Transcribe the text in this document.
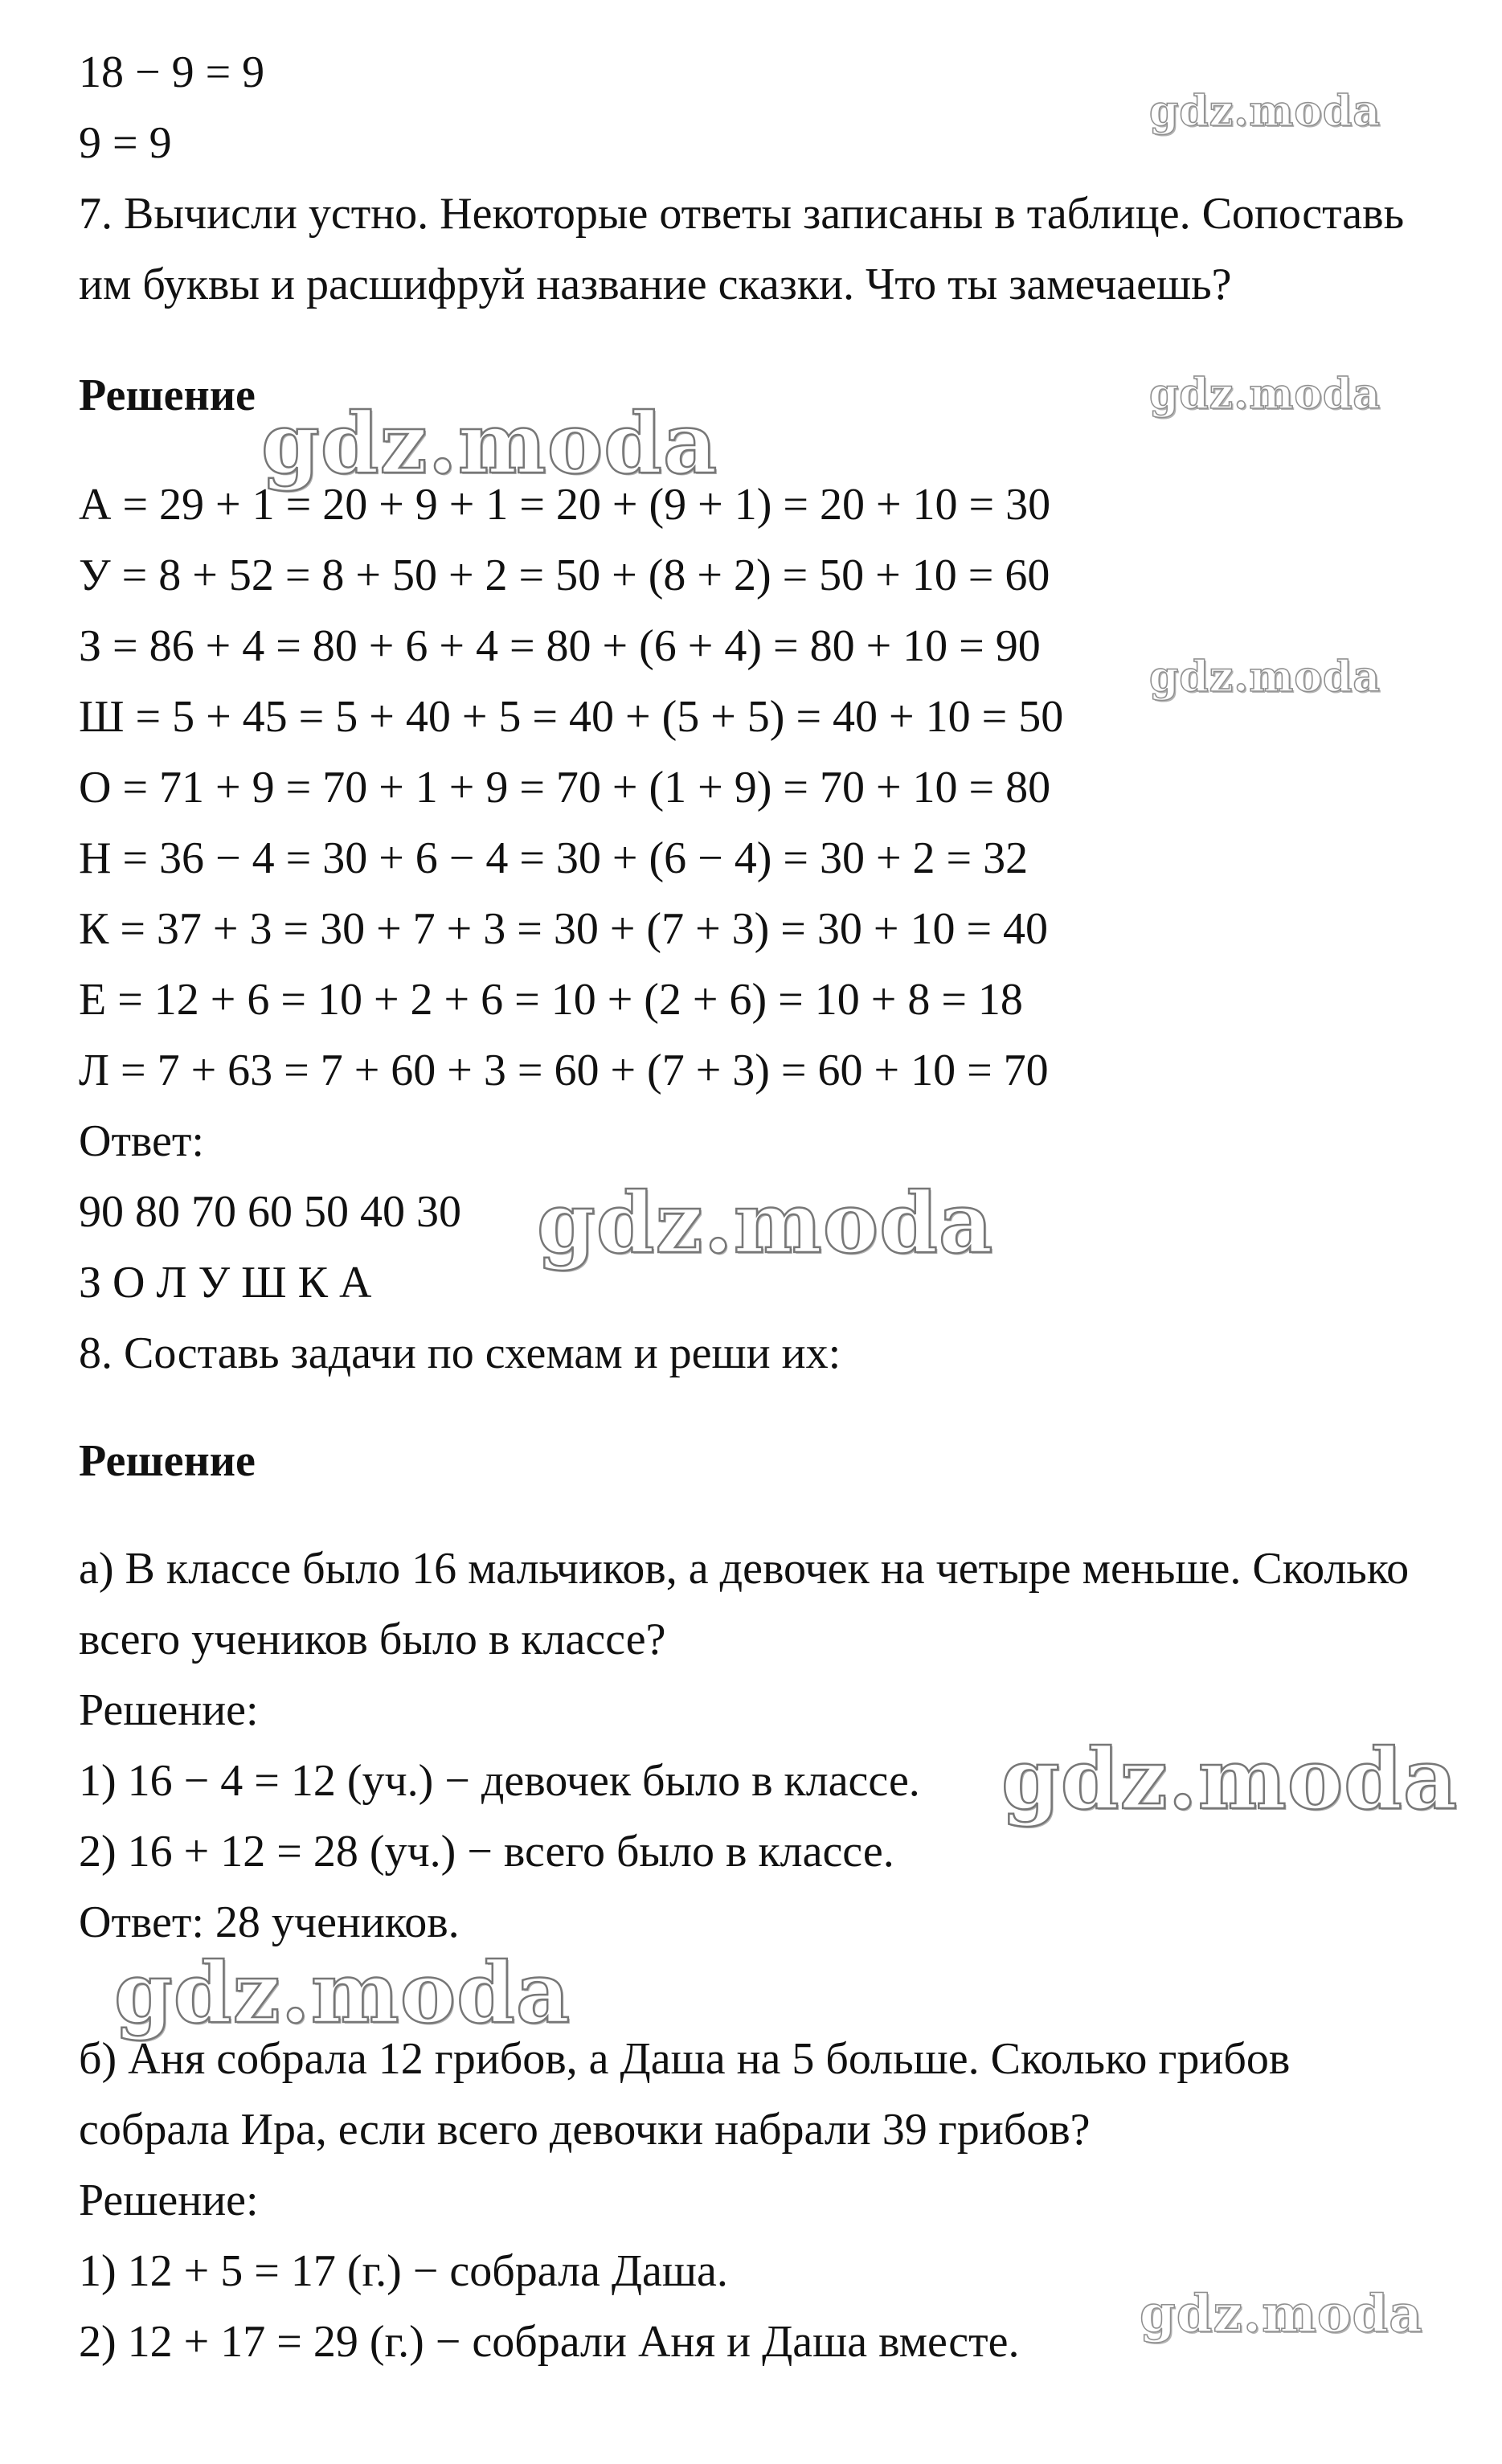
18 − 9 = 9
9 = 9
7. Вычисли устно. Некоторые ответы записаны в таблице. Сопоставь
им буквы и расшифруй название сказки. Что ты замечаешь?
Решение
А = 29 + 1 = 20 + 9 + 1 = 20 + (9 + 1) = 20 + 10 = 30
У = 8 + 52 = 8 + 50 + 2 = 50 + (8 + 2) = 50 + 10 = 60
З = 86 + 4 = 80 + 6 + 4 = 80 + (6 + 4) = 80 + 10 = 90
Ш = 5 + 45 = 5 + 40 + 5 = 40 + (5 + 5) = 40 + 10 = 50
О = 71 + 9 = 70 + 1 + 9 = 70 + (1 + 9) = 70 + 10 = 80
Н = 36 − 4 = 30 + 6 − 4 = 30 + (6 − 4) = 30 + 2 = 32
К = 37 + 3 = 30 + 7 + 3 = 30 + (7 + 3) = 30 + 10 = 40
Е = 12 + 6 = 10 + 2 + 6 = 10 + (2 + 6) = 10 + 8 = 18
Л = 7 + 63 = 7 + 60 + 3 = 60 + (7 + 3) = 60 + 10 = 70
Ответ:
90 80 70 60 50 40 30
З О Л У Ш К А
8. Составь задачи по схемам и реши их:
Решение
а) В классе было 16 мальчиков, а девочек на четыре меньше. Сколько
всего учеников было в классе?
Решение:
1) 16 − 4 = 12 (уч.) − девочек было в классе.
2) 16 + 12 = 28 (уч.) − всего было в классе.
Ответ: 28 учеников.
б) Аня собрала 12 грибов, а Даша на 5 больше. Сколько грибов
собрала Ира, если всего девочки набрали 39 грибов?
Решение:
1) 12 + 5 = 17 (г.) − собрала Даша.
2) 12 + 17 = 29 (г.) − собрали Аня и Даша вместе.
gdz.moda
gdz.moda
gdz.moda
gdz.moda
gdz.moda
gdz.moda
gdz.moda
gdz.moda
